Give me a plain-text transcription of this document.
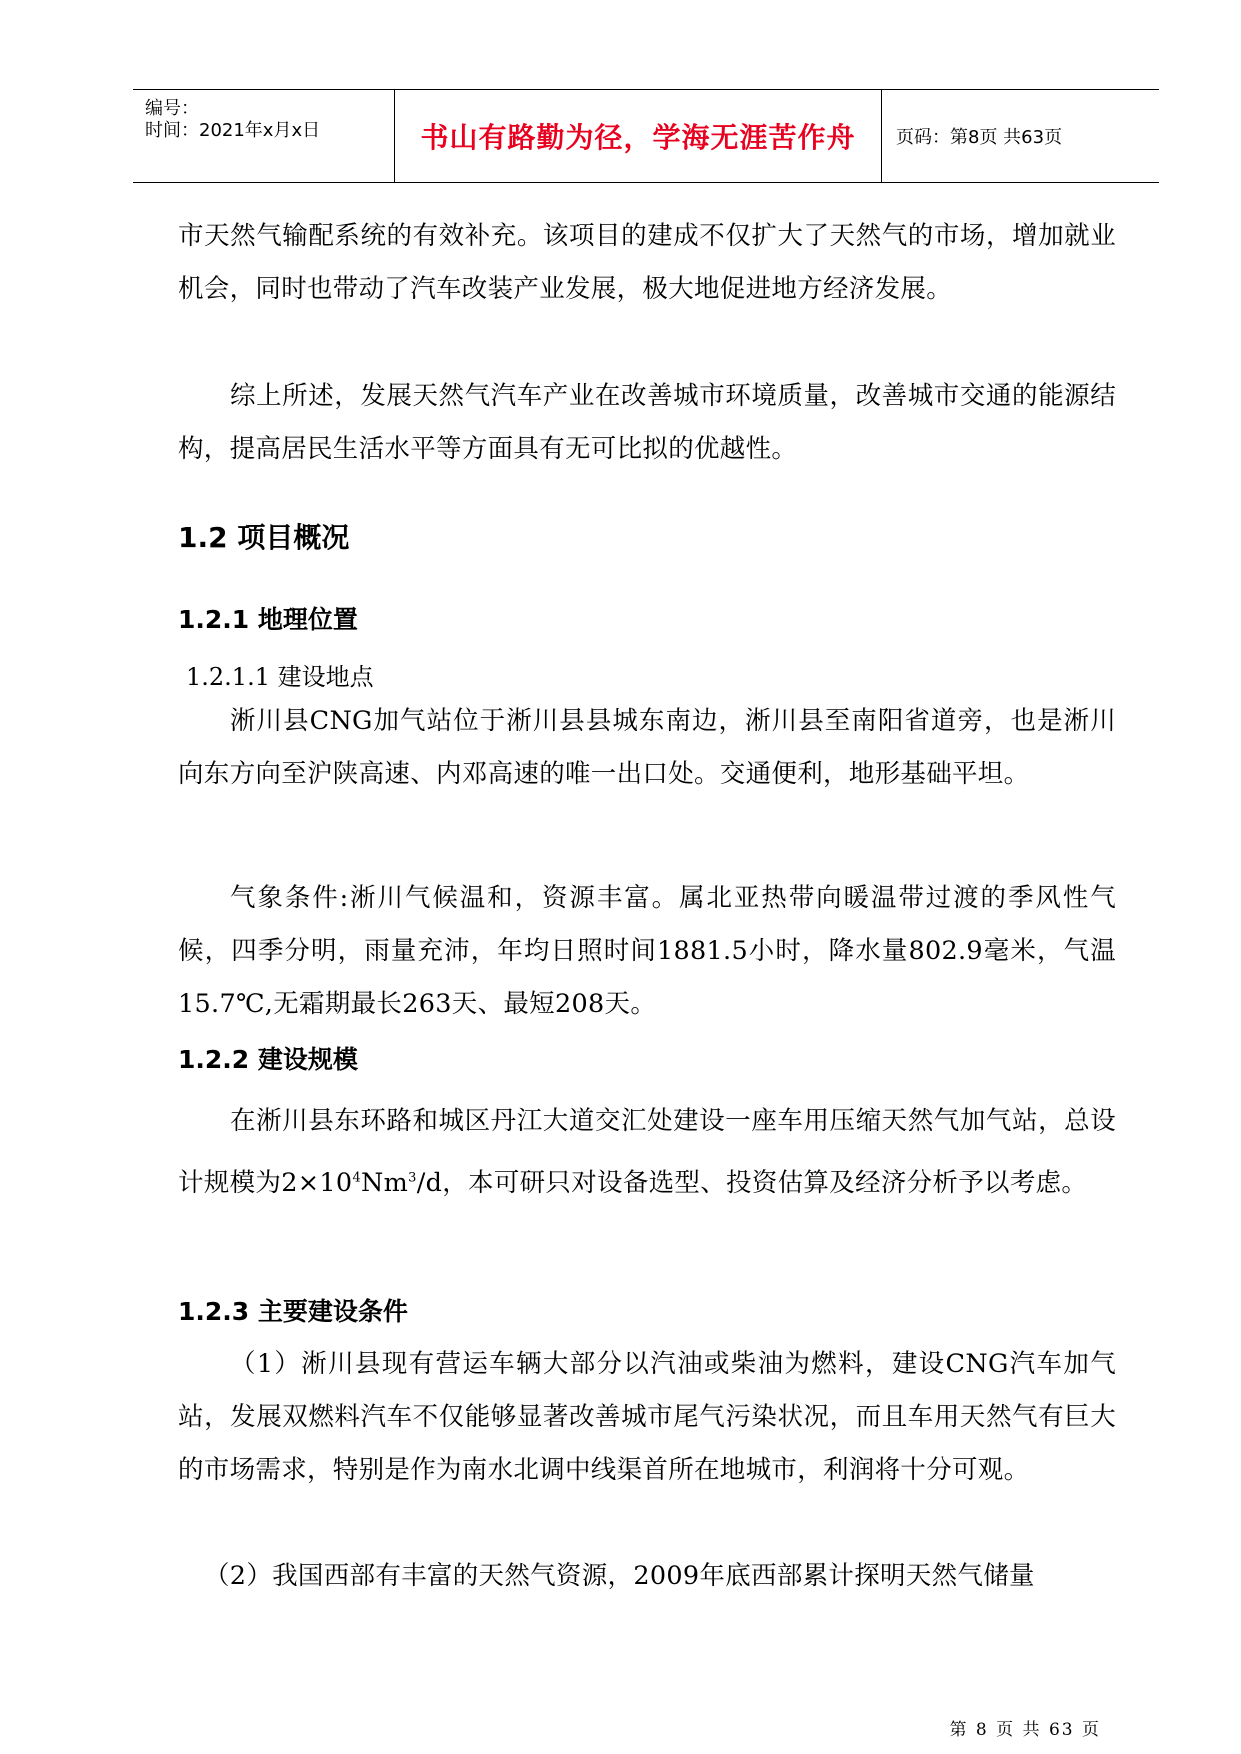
编号：
时间：2021年x月x日	书山有路勤为径，学海无涯苦作舟 页码：第8页 共63页

市天然气输配系统的有效补充。该项目的建成不仅扩大了天然气的市场，增加就业机会，同时也带动了汽车改装产业发展，极大地促进地方经济发展。

综上所述，发展天然气汽车产业在改善城市环境质量，改善城市交通的能源结构，提高居民生活水平等方面具有无可比拟的优越性。

1.2 项目概况
1.2.1 地理位置
1.2.1.1 建设地点

淅川县CNG加气站位于淅川县县城东南边，淅川县至南阳省道旁，也是淅川向东方向至沪陕高速、内邓高速的唯一出口处。交通便利，地形基础平坦。

气象条件:淅川气候温和，资源丰富。属北亚热带向暖温带过渡的季风性气候，四季分明，雨量充沛，年均日照时间1881.5小时，降水量802.9毫米，气温15.7℃,无霜期最长263天、最短208天。

1.2.2 建设规模

在淅川县东环路和城区丹江大道交汇处建设一座车用压缩天然气加气站，总设计规模为$2\times 10^4Nm^3/d$，本可研只对设备选型、投资估算及经济分析予以考虑。

1.2.3 主要建设条件

（1）淅川县现有营运车辆大部分以汽油或柴油为燃料，建设CNG汽车加气站，发展双燃料汽车不仅能够显著改善城市尾气污染状况，而且车用天然气有巨大的市场需求，特别是作为南水北调中线渠首所在地城市，利润将十分可观。

（2）我国西部有丰富的天然气资源，2009年底西部累计探明天然气储量

第 8 页 共 63 页
